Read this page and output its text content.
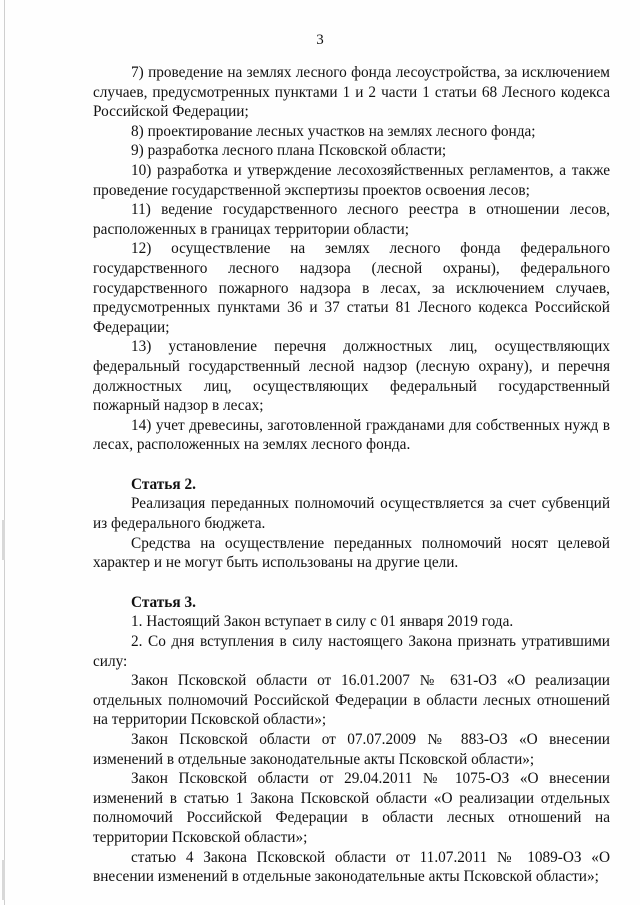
3

7) проведение на землях лесного фонда лесоустройства, за исключением случаев, предусмотренных пунктами 1 и 2 части 1 статьи 68 Лесного кодекса Российской Федерации;

8) проектирование лесных участков на землях лесного фонда;

9) разработка лесного плана Псковской области;

10) разработка и утверждение лесохозяйственных регламентов, а также проведение государственной экспертизы проектов освоения лесов;

11) ведение государственного лесного реестра в отношении лесов, расположенных в границах территории области;

12) осуществление на землях лесного фонда федерального государственного лесного надзора (лесной охраны), федерального государственного пожарного надзора в лесах, за исключением случаев, предусмотренных пунктами 36 и 37 статьи 81 Лесного кодекса Российской Федерации;

13) установление перечня должностных лиц, осуществляющих федеральный государственный лесной надзор (лесную охрану), и перечня должностных лиц, осуществляющих федеральный государственный пожарный надзор в лесах;

14) учет древесины, заготовленной гражданами для собственных нужд в лесах, расположенных на землях лесного фонда.

Статья 2.

Реализация переданных полномочий осуществляется за счет субвенций из федерального бюджета.

Средства на осуществление переданных полномочий носят целевой характер и не могут быть использованы на другие цели.

Статья 3.

1. Настоящий Закон вступает в силу с 01 января 2019 года.

2. Со дня вступления в силу настоящего Закона признать утратившими силу:

Закон Псковской области от 16.01.2007 № 631-ОЗ «О реализации отдельных полномочий Российской Федерации в области лесных отношений на территории Псковской области»;

Закон Псковской области от 07.07.2009 № 883-ОЗ «О внесении изменений в отдельные законодательные акты Псковской области»;

Закон Псковской области от 29.04.2011 № 1075-ОЗ «О внесении изменений в статью 1 Закона Псковской области «О реализации отдельных полномочий Российской Федерации в области лесных отношений на территории Псковской области»;

статью 4 Закона Псковской области от 11.07.2011 № 1089-ОЗ «О внесении изменений в отдельные законодательные акты Псковской области»;
